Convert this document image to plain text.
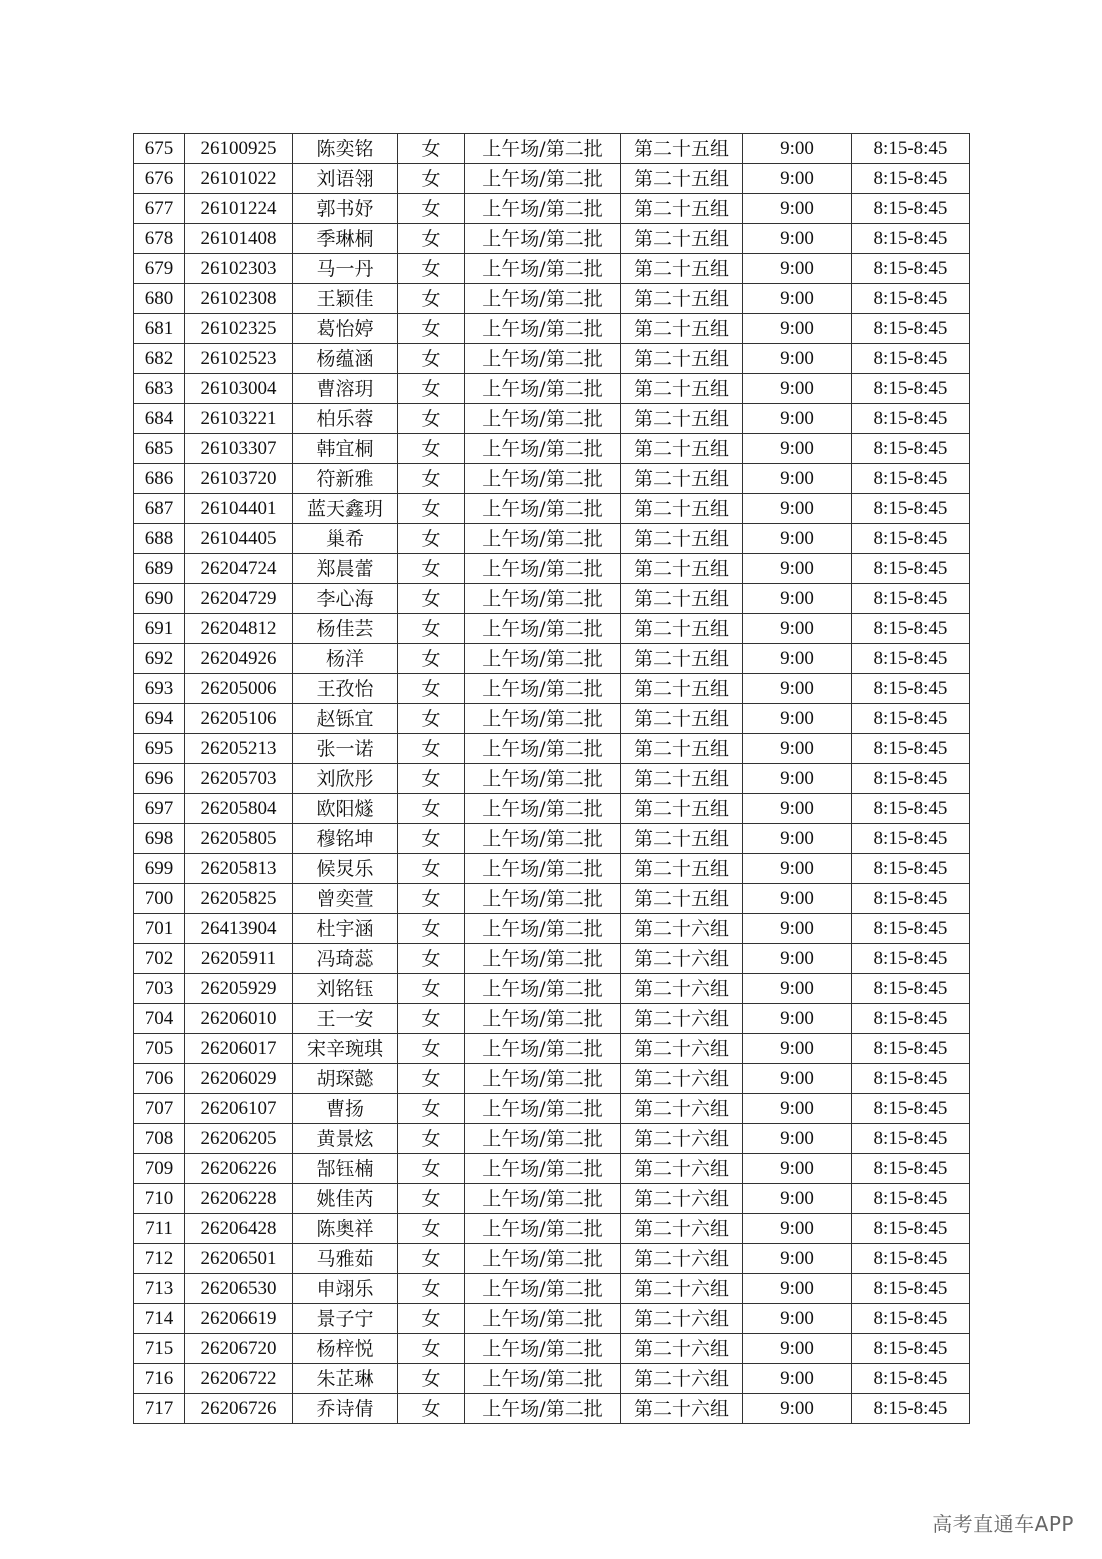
675	26100925	陈奕铭	女	上午场/第二批	第二十五组	9:00	8:15-8:45
676	26101022	刘语翎	女	上午场/第二批	第二十五组	9:00	8:15-8:45
677	26101224	郭书妤	女	上午场/第二批	第二十五组	9:00	8:15-8:45
678	26101408	季琳桐	女	上午场/第二批	第二十五组	9:00	8:15-8:45
679	26102303	马一丹	女	上午场/第二批	第二十五组	9:00	8:15-8:45
680	26102308	王颖佳	女	上午场/第二批	第二十五组	9:00	8:15-8:45
681	26102325	葛怡婷	女	上午场/第二批	第二十五组	9:00	8:15-8:45
682	26102523	杨蕴涵	女	上午场/第二批	第二十五组	9:00	8:15-8:45
683	26103004	曹溶玥	女	上午场/第二批	第二十五组	9:00	8:15-8:45
684	26103221	柏乐蓉	女	上午场/第二批	第二十五组	9:00	8:15-8:45
685	26103307	韩宜桐	女	上午场/第二批	第二十五组	9:00	8:15-8:45
686	26103720	符新雅	女	上午场/第二批	第二十五组	9:00	8:15-8:45
687	26104401	蓝天鑫玥	女	上午场/第二批	第二十五组	9:00	8:15-8:45
688	26104405	巢希	女	上午场/第二批	第二十五组	9:00	8:15-8:45
689	26204724	郑晨蕾	女	上午场/第二批	第二十五组	9:00	8:15-8:45
690	26204729	李心海	女	上午场/第二批	第二十五组	9:00	8:15-8:45
691	26204812	杨佳芸	女	上午场/第二批	第二十五组	9:00	8:15-8:45
692	26204926	杨洋	女	上午场/第二批	第二十五组	9:00	8:15-8:45
693	26205006	王孜怡	女	上午场/第二批	第二十五组	9:00	8:15-8:45
694	26205106	赵铄宜	女	上午场/第二批	第二十五组	9:00	8:15-8:45
695	26205213	张一诺	女	上午场/第二批	第二十五组	9:00	8:15-8:45
696	26205703	刘欣彤	女	上午场/第二批	第二十五组	9:00	8:15-8:45
697	26205804	欧阳燧	女	上午场/第二批	第二十五组	9:00	8:15-8:45
698	26205805	穆铭坤	女	上午场/第二批	第二十五组	9:00	8:15-8:45
699	26205813	候炅乐	女	上午场/第二批	第二十五组	9:00	8:15-8:45
700	26205825	曾奕萱	女	上午场/第二批	第二十五组	9:00	8:15-8:45
701	26413904	杜宇涵	女	上午场/第二批	第二十六组	9:00	8:15-8:45
702	26205911	冯琦蕊	女	上午场/第二批	第二十六组	9:00	8:15-8:45
703	26205929	刘铭钰	女	上午场/第二批	第二十六组	9:00	8:15-8:45
704	26206010	王一安	女	上午场/第二批	第二十六组	9:00	8:15-8:45
705	26206017	宋辛琬琪	女	上午场/第二批	第二十六组	9:00	8:15-8:45
706	26206029	胡琛懿	女	上午场/第二批	第二十六组	9:00	8:15-8:45
707	26206107	曹扬	女	上午场/第二批	第二十六组	9:00	8:15-8:45
708	26206205	黄景炫	女	上午场/第二批	第二十六组	9:00	8:15-8:45
709	26206226	郜钰楠	女	上午场/第二批	第二十六组	9:00	8:15-8:45
710	26206228	姚佳芮	女	上午场/第二批	第二十六组	9:00	8:15-8:45
711	26206428	陈奥祥	女	上午场/第二批	第二十六组	9:00	8:15-8:45
712	26206501	马雅茹	女	上午场/第二批	第二十六组	9:00	8:15-8:45
713	26206530	申翊乐	女	上午场/第二批	第二十六组	9:00	8:15-8:45
714	26206619	景子宁	女	上午场/第二批	第二十六组	9:00	8:15-8:45
715	26206720	杨梓悦	女	上午场/第二批	第二十六组	9:00	8:15-8:45
716	26206722	朱芷琳	女	上午场/第二批	第二十六组	9:00	8:15-8:45
717	26206726	乔诗倩	女	上午场/第二批	第二十六组	9:00	8:15-8:45
高考直通车APP
